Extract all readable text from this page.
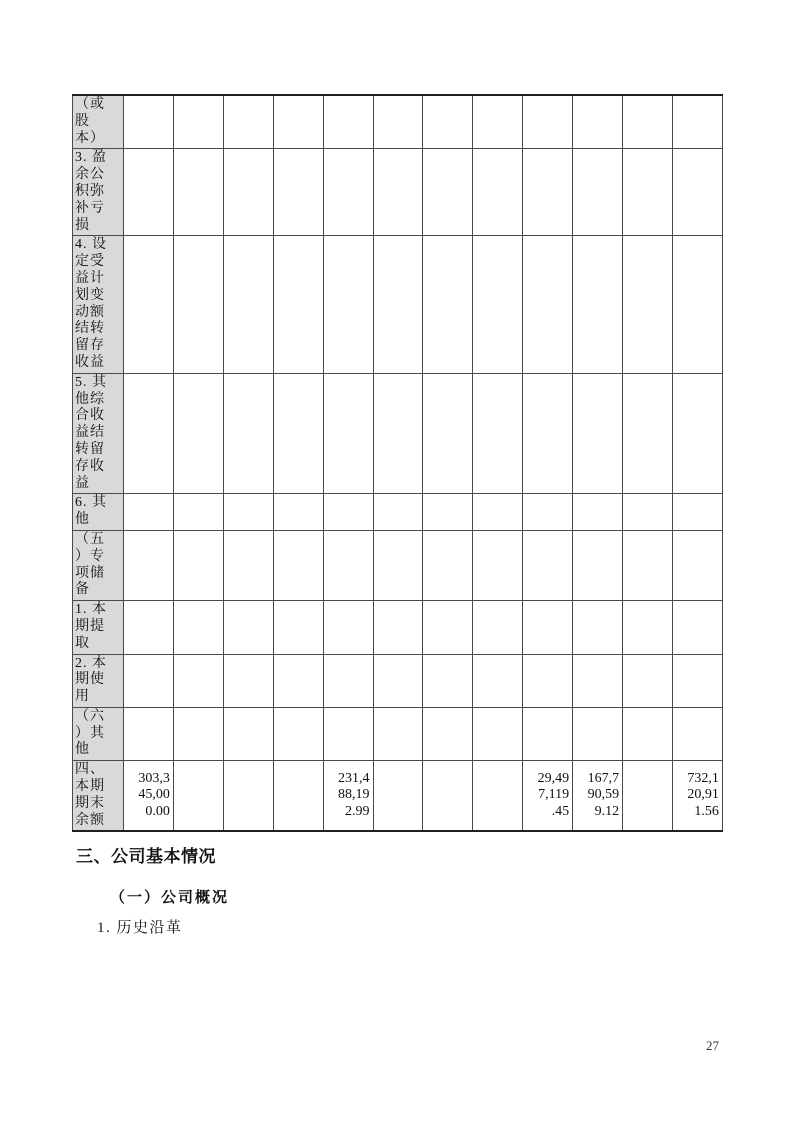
（或
股
本）												
3. 盈
余公
积弥
补亏
损												
4. 设
定受
益计
划变
动额
结转
留存
收益												
5. 其
他综
合收
益结
转留
存收
益												
6. 其
他												
（五
）专
项储
备												
1. 本
期提
取												
2. 本
期使
用												
（六
）其
他												
四、
本期
期末
余额	303,3
45,00
0.00				231,4
88,19
2.99				29,49
7,119
.45	167,7
90,59
9.12		732,1
20,91
1.56
三、公司基本情况
（一）公司概况
1. 历史沿革
27
